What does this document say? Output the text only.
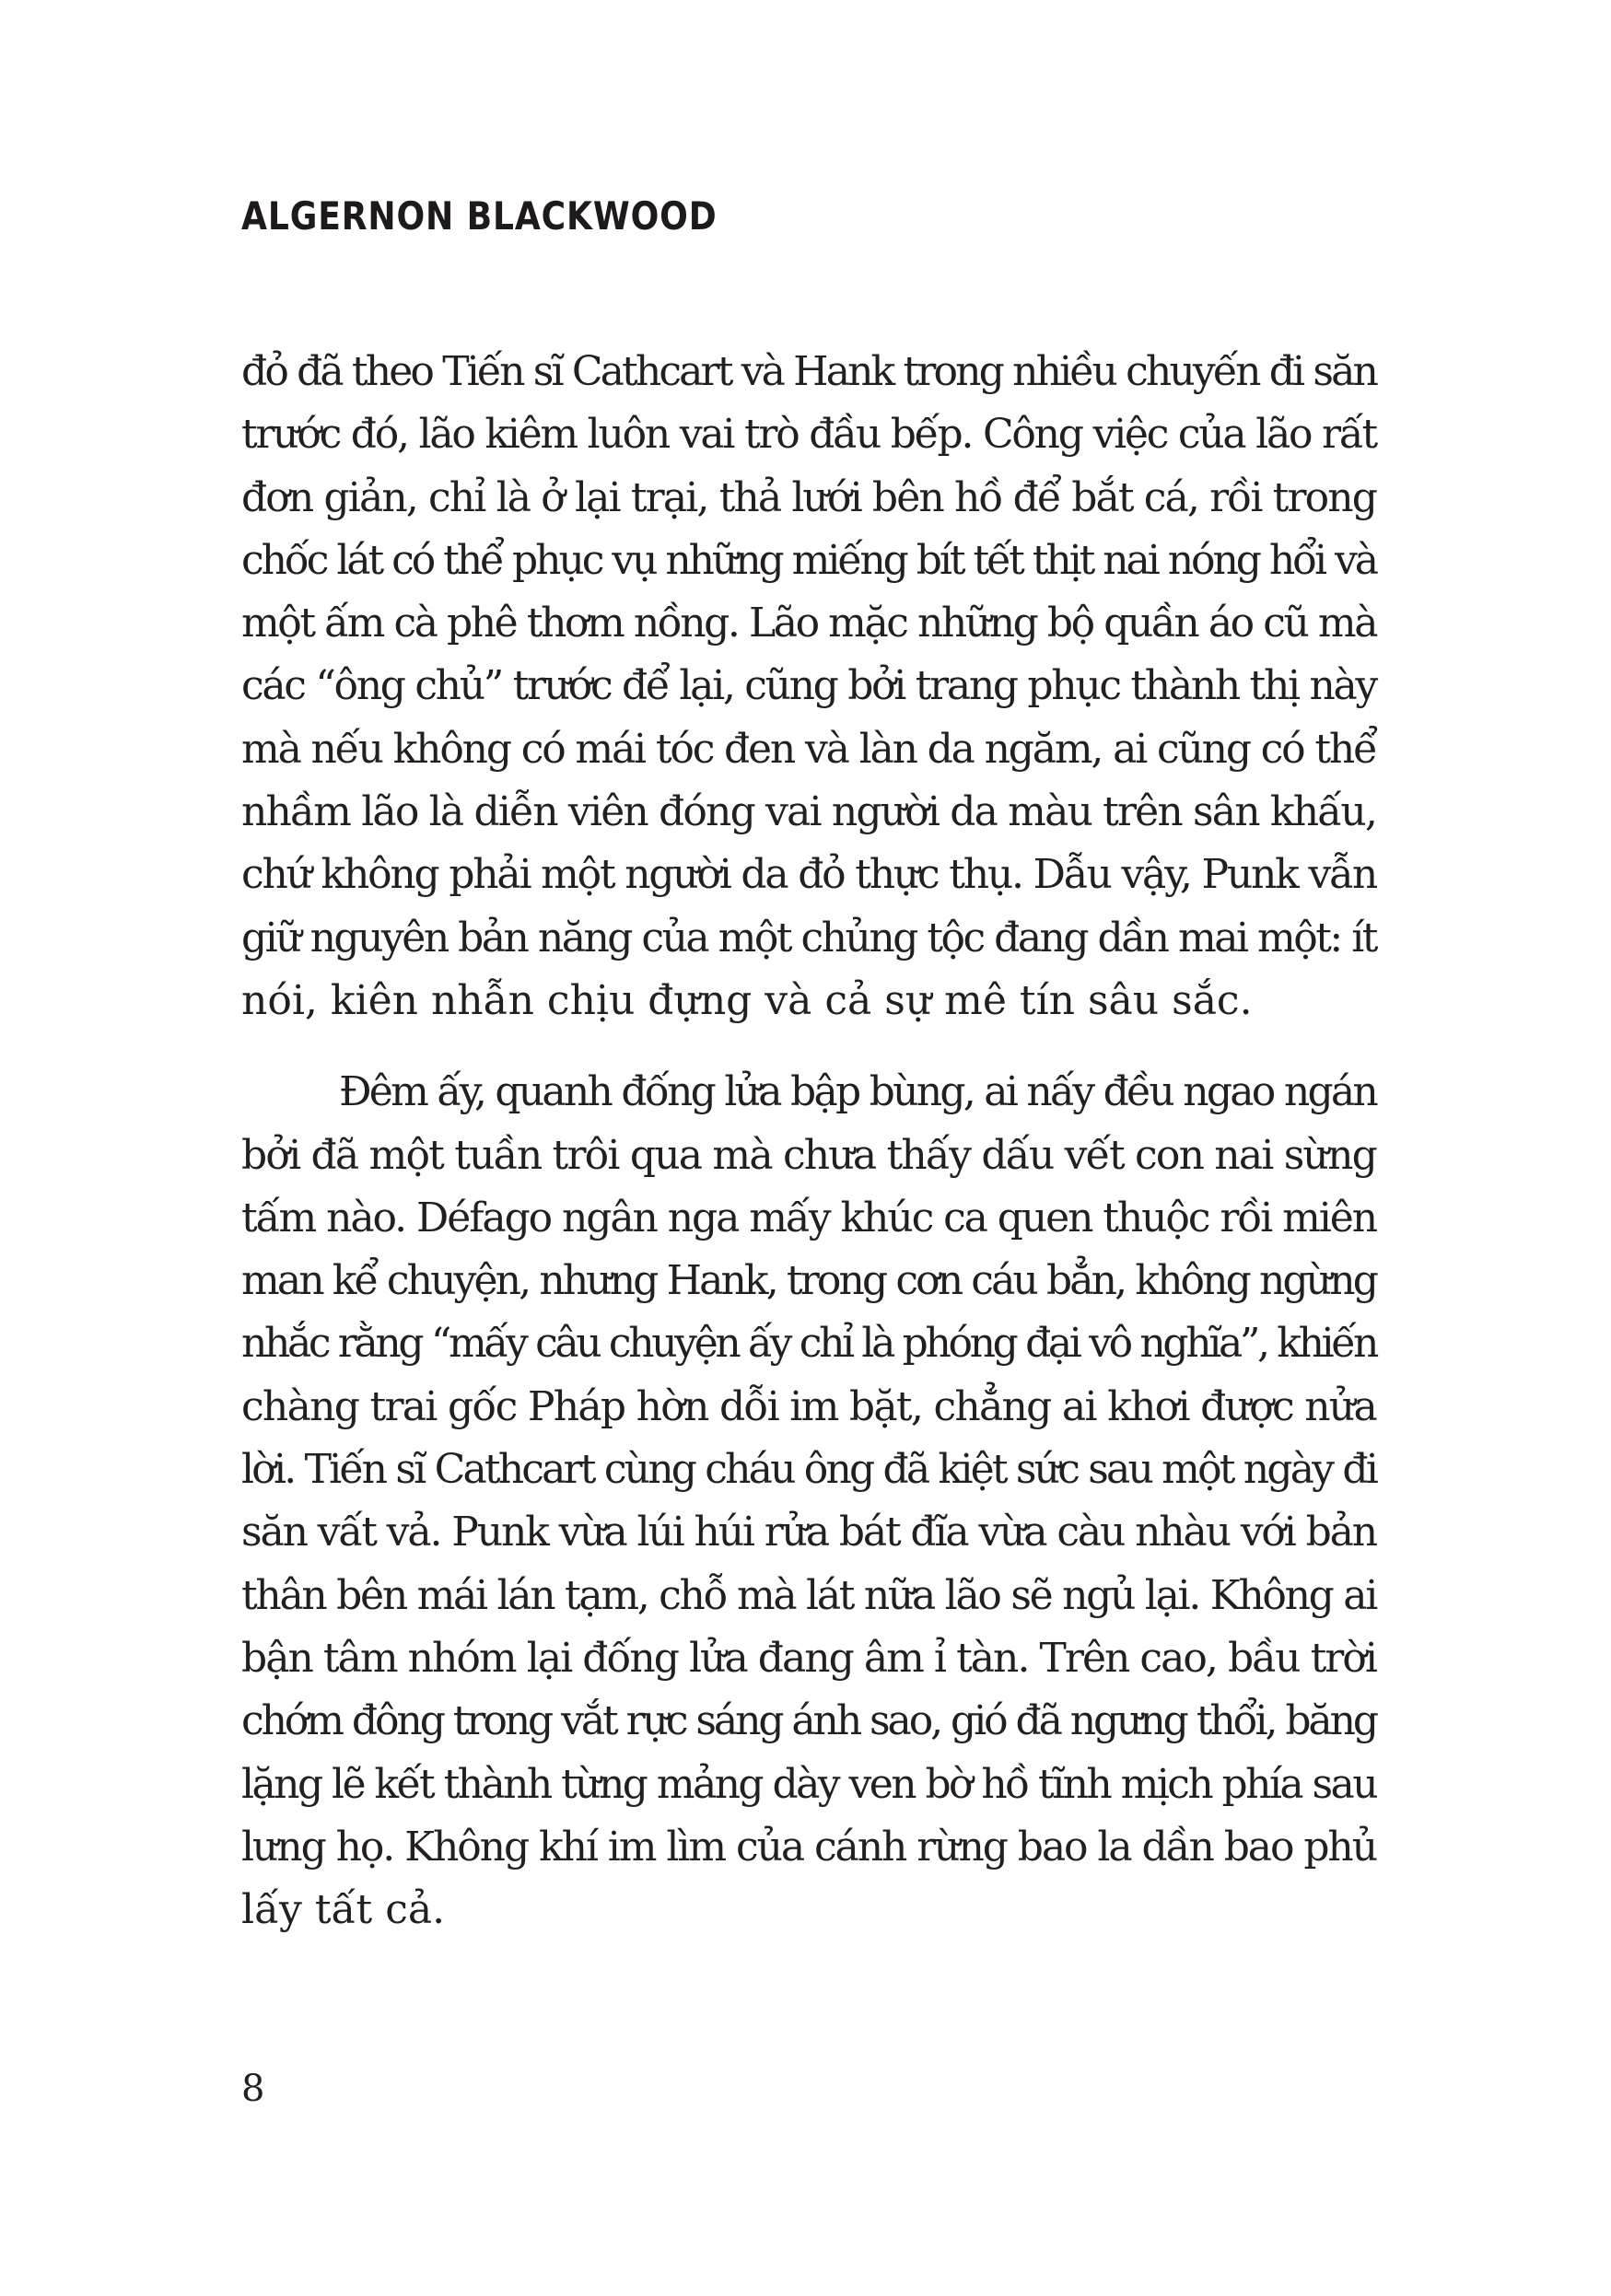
ALGERNON BLACKWOOD
đỏ đã theo Tiến sĩ Cathcart và Hank trong nhiều chuyến đi săn
trước đó, lão kiêm luôn vai trò đầu bếp. Công việc của lão rất
đơn giản, chỉ là ở lại trại, thả lưới bên hồ để bắt cá, rồi trong
chốc lát có thể phục vụ những miếng bít tết thịt nai nóng hổi và
một ấm cà phê thơm nồng. Lão mặc những bộ quần áo cũ mà
các “ông chủ” trước để lại, cũng bởi trang phục thành thị này
mà nếu không có mái tóc đen và làn da ngăm, ai cũng có thể
nhầm lão là diễn viên đóng vai người da màu trên sân khấu,
chứ không phải một người da đỏ thực thụ. Dẫu vậy, Punk vẫn
giữ nguyên bản năng của một chủng tộc đang dần mai một: ít
nói, kiên nhẫn chịu đựng và cả sự mê tín sâu sắc.
Đêm ấy, quanh đống lửa bập bùng, ai nấy đều ngao ngán
bởi đã một tuần trôi qua mà chưa thấy dấu vết con nai sừng
tấm nào. Défago ngân nga mấy khúc ca quen thuộc rồi miên
man kể chuyện, nhưng Hank, trong cơn cáu bẳn, không ngừng
nhắc rằng “mấy câu chuyện ấy chỉ là phóng đại vô nghĩa”, khiến
chàng trai gốc Pháp hờn dỗi im bặt, chẳng ai khơi được nửa
lời. Tiến sĩ Cathcart cùng cháu ông đã kiệt sức sau một ngày đi
săn vất vả. Punk vừa lúi húi rửa bát đĩa vừa càu nhàu với bản
thân bên mái lán tạm, chỗ mà lát nữa lão sẽ ngủ lại. Không ai
bận tâm nhóm lại đống lửa đang âm ỉ tàn. Trên cao, bầu trời
chớm đông trong vắt rực sáng ánh sao, gió đã ngưng thổi, băng
lặng lẽ kết thành từng mảng dày ven bờ hồ tĩnh mịch phía sau
lưng họ. Không khí im lìm của cánh rừng bao la dần bao phủ
lấy tất cả.
8
